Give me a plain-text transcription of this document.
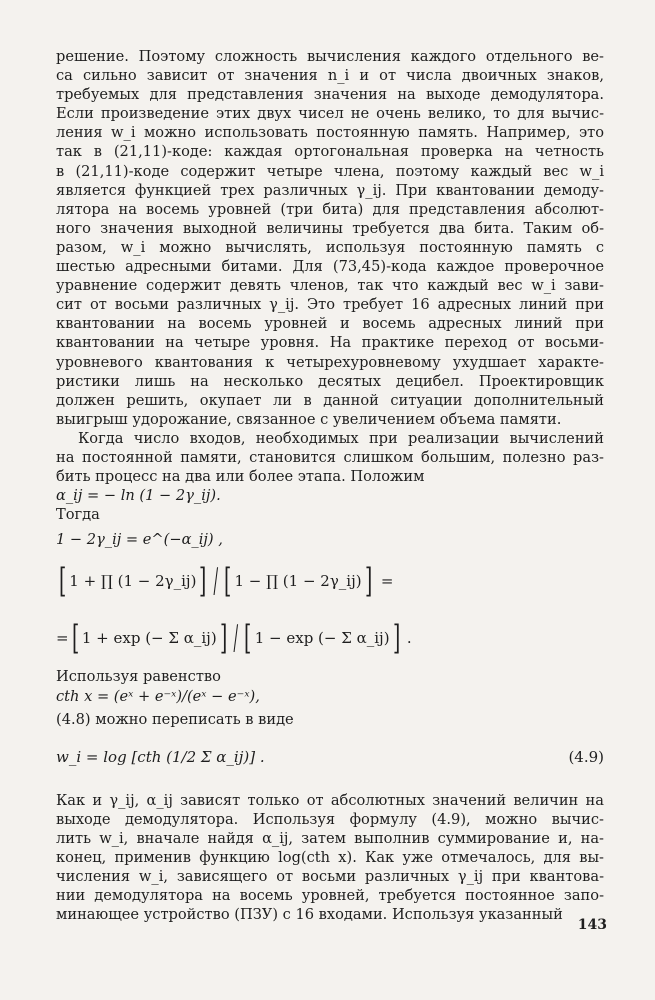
решение. Поэтому сложность вычисления каждого отдельного ве-
са сильно зависит от значения n_i и от числа двоичных знаков,
требуемых для представления значения на выходе демодулятора.
Если произведение этих двух чисел не очень велико, то для вычис-
ления w_i можно использовать постоянную память. Например, это
так в (21,11)-коде: каждая ортогональная проверка на четность
в (21,11)-коде содержит четыре члена, поэтому каждый вес w_i
является функцией трех различных γ_ij. При квантовании демоду-
лятора на восемь уровней (три бита) для представления абсолют-
ного значения выходной величины требуется два бита. Таким об-
разом, w_i можно вычислять, используя постоянную память с
шестью адресными битами. Для (73,45)-кода каждое проверочное
уравнение содержит девять членов, так что каждый вес w_i зави-
сит от восьми различных γ_ij. Это требует 16 адресных линий при
квантовании на восемь уровней и восемь адресных линий при
квантовании на четыре уровня. На практике переход от восьми-
уровневого квантования к четырехуровневому ухудшает характе-
ристики лишь на несколько десятых децибел. Проектировщик
должен решить, окупает ли в данной ситуации дополнительный
выигрыш удорожание, связанное с увеличением объема памяти.
Когда число входов, необходимых при реализации вычислений
на постоянной памяти, становится слишком большим, полезно раз-
бить процесс на два или более этапа. Положим
α_ij = − ln (1 − 2γ_ij).
Тогда
1 − 2γ_ij = e^(−α_ij) ,
[ 1 + ∏ (1 − 2γ_ij) ] / [ 1 − ∏ (1 − 2γ_ij) ] =
= [ 1 + exp (− Σ α_ij) ] / [ 1 − exp (− Σ α_ij) ] .
Используя равенство
cth x = (eˣ + e⁻ˣ)/(eˣ − e⁻ˣ),
(4.8) можно переписать в виде
w_i = log [cth (1/2 Σ α_ij)] .	(4.9)
Как и γ_ij, α_ij зависят только от абсолютных значений величин на
выходе демодулятора. Используя формулу (4.9), можно вычис-
лить w_i, вначале найдя α_ij, затем выполнив суммирование и, на-
конец, применив функцию log(cth x). Как уже отмечалось, для вы-
числения w_i, зависящего от восьми различных γ_ij при квантова-
нии демодулятора на восемь уровней, требуется постоянное запо-
минающее устройство (ПЗУ) с 16 входами. Используя указанный
143
